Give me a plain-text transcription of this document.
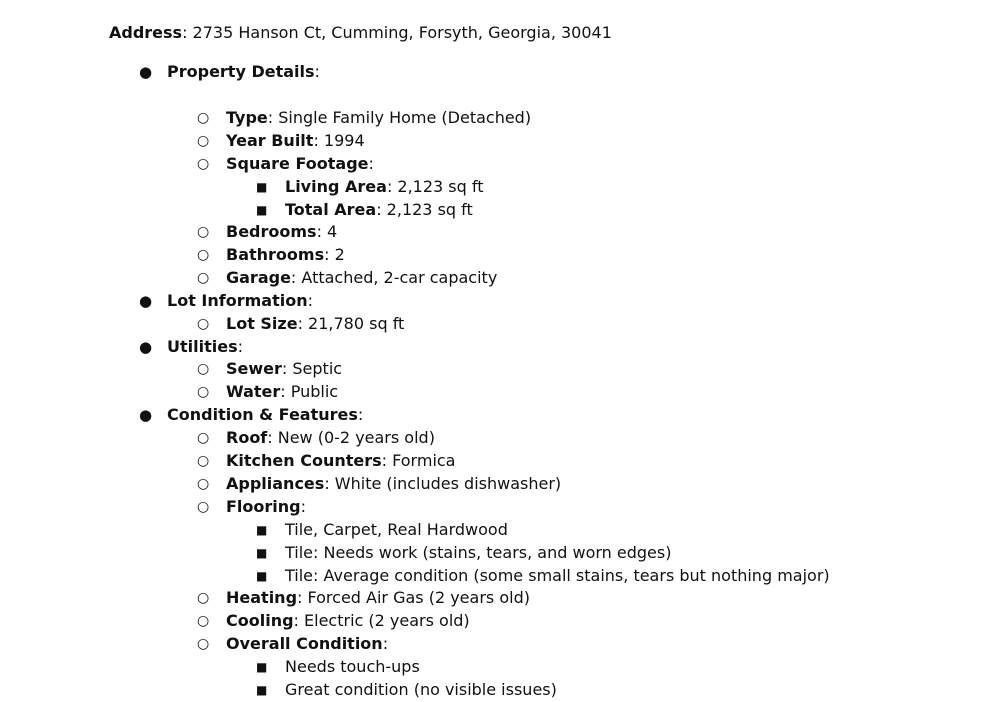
Address: 2735 Hanson Ct, Cumming, Forsyth, Georgia, 30041
● Property Details:
○ Type: Single Family Home (Detached)
○ Year Built: 1994
○ Square Footage:
■ Living Area: 2,123 sq ft
■ Total Area: 2,123 sq ft
○ Bedrooms: 4
○ Bathrooms: 2
○ Garage: Attached, 2-car capacity
● Lot Information:
○ Lot Size: 21,780 sq ft
● Utilities:
○ Sewer: Septic
○ Water: Public
● Condition & Features:
○ Roof: New (0-2 years old)
○ Kitchen Counters: Formica
○ Appliances: White (includes dishwasher)
○ Flooring:
■ Tile, Carpet, Real Hardwood
■ Tile: Needs work (stains, tears, and worn edges)
■ Tile: Average condition (some small stains, tears but nothing major)
○ Heating: Forced Air Gas (2 years old)
○ Cooling: Electric (2 years old)
○ Overall Condition:
■ Needs touch-ups
■ Great condition (no visible issues)
